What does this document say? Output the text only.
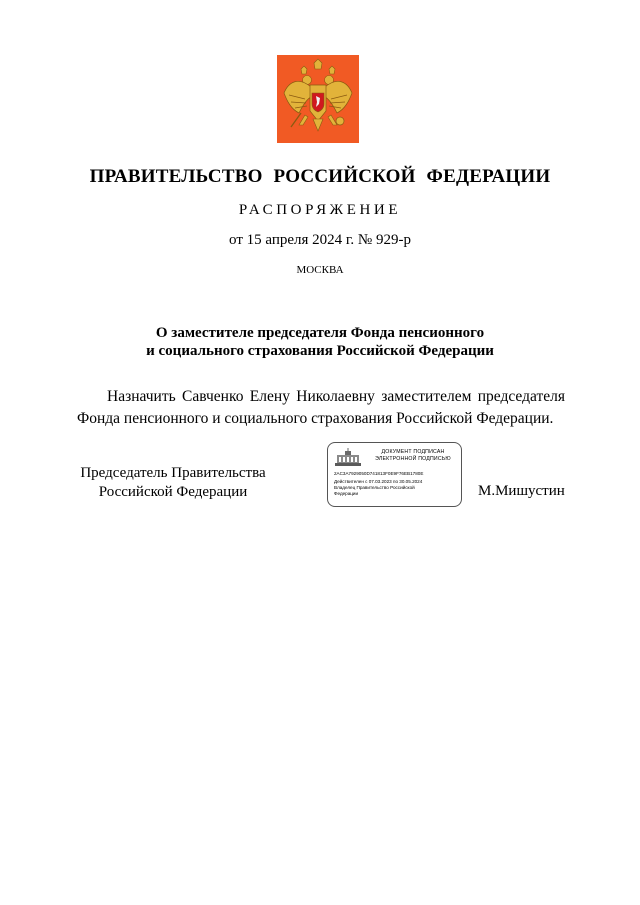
ПРАВИТЕЛЬСТВО РОССИЙСКОЙ ФЕДЕРАЦИИ
РАСПОРЯЖЕНИЕ
от 15 апреля 2024 г. № 929-р
МОСКВА
О заместителе председателя Фонда пенсионного
и социального страхования Российской Федерации
Назначить Савченко Елену Николаевну заместителем председателя Фонда пенсионного и социального страхования Российской Федерации.
Председатель Правительства
Российской Федерации
ДОКУМЕНТ ПОДПИСАН
ЭЛЕКТРОННОЙ ПОДПИСЬЮ
2AC3A7929050D741813F0E9F76EB1780E
Действителен с 07.03.2023 по 30.05.2024
Владелец Правительство Российской
Федерации	М.Мишустин
